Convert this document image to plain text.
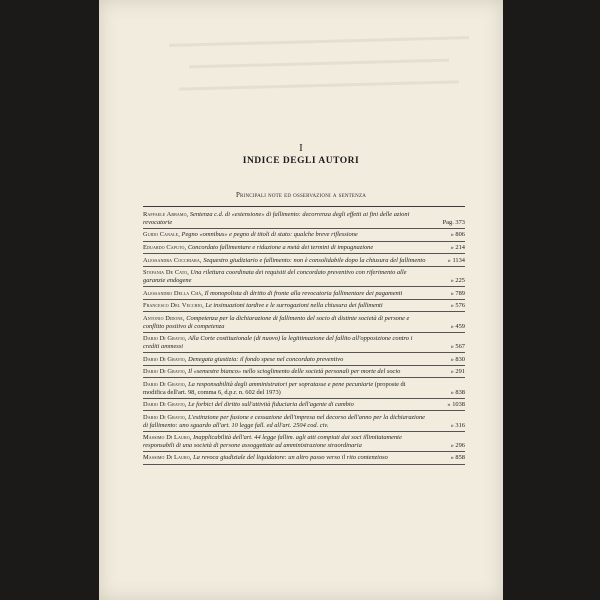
I
INDICE DEGLI AUTORI
Principali note ed osservazioni a sentenza
Raffaele Abbamo, Sentenza c.d. di «estensione» di fallimento: decorrenza degli effetti ai fini delle azioni revocatorie	Pag. 373
Guido Canale, Pegno «omnibus» e pegno di titoli di stato: qualche breve riflessione	» 806
Eduardo Caputo, Concordato fallimentare e riduzione a metà dei termini di impugnazione	» 214
Alessandra Cocchiara, Sequestro giudiziario e fallimento: non è consolidabile dopo la chiusura del fallimento	» 1134
Stefania De Cato, Una rilettura coordinata dei requisiti del concordato preventivo con riferimento alle garanzie endogene	» 225
Alessandro Della Chà, Il monopolista di diritto di fronte alla revocatoria fallimentare dei pagamenti	» 789
Francesco Del Vecchio, Le insinuazioni tardive e le surrogazioni nella chiusura dei fallimenti	» 576
Antonio Didone, Competenza per la dichiarazione di fallimento del socio di distinte società di persone e conflitto positivo di competenza	» 459
Dario Di Gravio, Alla Corte costituzionale (di nuovo) la legittimazione del fallito all'opposizione contro i crediti ammessi	» 567
Dario Di Gravio, Denegata giustizia: il fondo spese nel concordato preventivo	» 830
Dario Di Gravio, Il «semestre bianco» nello scioglimento delle società personali per morte del socio	» 291
Dario Di Gravio, La responsabilità degli amministratori per sopratasse e pene pecuniarie (proposte di modifica dell'art. 98, comma 6, d.p.r. n. 602 del 1973)	» 838
Dario Di Gravio, Le forbici del diritto sull'attività fiduciaria dell'agente di cambio	» 1038
Dario Di Gravio, L'estinzione per fusione e cessazione dell'impresa nel decorso dell'anno per la dichiarazione di fallimento: uno sguardo all'art. 10 legge fall. ed all'art. 2504 cod. civ.	» 316
Massimo Di Lauro, Inapplicabilità dell'art. 44 legge fallim. agli atti compiuti dai soci illimitatamente responsabili di una società di persone assoggettate ad amministrazione straordinaria	» 296
Massimo Di Lauro, La revoca giudiziale del liquidatore: un altro passo verso il rito contenzioso	» 858
